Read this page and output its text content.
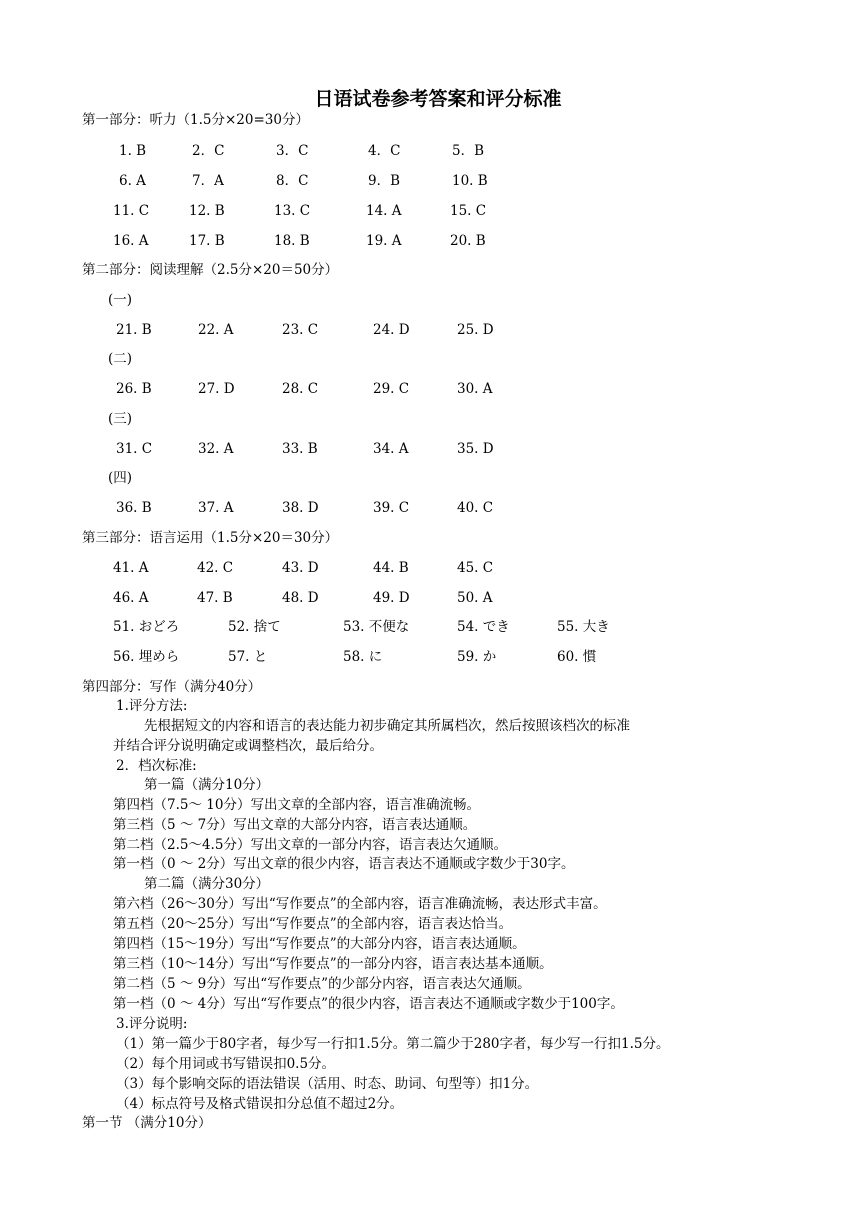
日语试卷参考答案和评分标准
第一部分：听力（1.5分×20=30分）
1. B	2．C	3．C	4．C	5．B
6. A	7．A	8．C	9．B	10. B
11. C	12. B	13. C	14. A	15. C
16. A	17. B	18. B	19. A	20. B
第二部分：阅读理解（2.5分×20＝50分）
(一)
21. B	22. A	23. C	24. D	25. D
(二)
26. B	27. D	28. C	29. C	30. A
(三)
31. C	32. A	33. B	34. A	35. D
(四)
36. B	37. A	38. D	39. C	40. C
第三部分：语言运用（1.5分×20＝30分）
41. A	42. C	43. D	44. B	45. C
46. A	47. B	48. D	49. D	50. A
51. おどろ	52. 捨て	53. 不便な	54. でき	55. 大き
56. 埋めら	57. と	58. に	59. か	60. 慣
第四部分：写作（满分40分）
1.评分方法:
先根据短文的内容和语言的表达能力初步确定其所属档次，然后按照该档次的标准
并结合评分说明确定或调整档次，最后给分。
2．档次标准:
第一篇（满分10分）
第四档（7.5～ 10分）写出文章的全部内容，语言准确流畅。
第三档（5 ～ 7分）写出文章的大部分内容，语言表达通顺。
第二档（2.5～4.5分）写出文章的一部分内容，语言表达欠通顺。
第一档（0 ～ 2分）写出文章的很少内容，语言表达不通顺或字数少于30字。
第二篇（满分30分）
第六档（26～30分）写出“写作要点”的全部内容，语言准确流畅，表达形式丰富。
第五档（20～25分）写出“写作要点”的全部内容，语言表达恰当。
第四档（15～19分）写出“写作要点”的大部分内容，语言表达通顺。
第三档（10～14分）写出“写作要点”的一部分内容，语言表达基本通顺。
第二档（5 ～ 9分）写出“写作要点”的少部分内容，语言表达欠通顺。
第一档（0 ～ 4分）写出“写作要点”的很少内容，语言表达不通顺或字数少于100字。
3.评分说明:
（1）第一篇少于80字者，每少写一行扣1.5分。第二篇少于280字者，每少写一行扣1.5分。
（2）每个用词或书写错误扣0.5分。
（3）每个影响交际的语法错误（活用、时态、助词、句型等）扣1分。
（4）标点符号及格式错误扣分总值不超过2分。
第一节 （满分10分）
